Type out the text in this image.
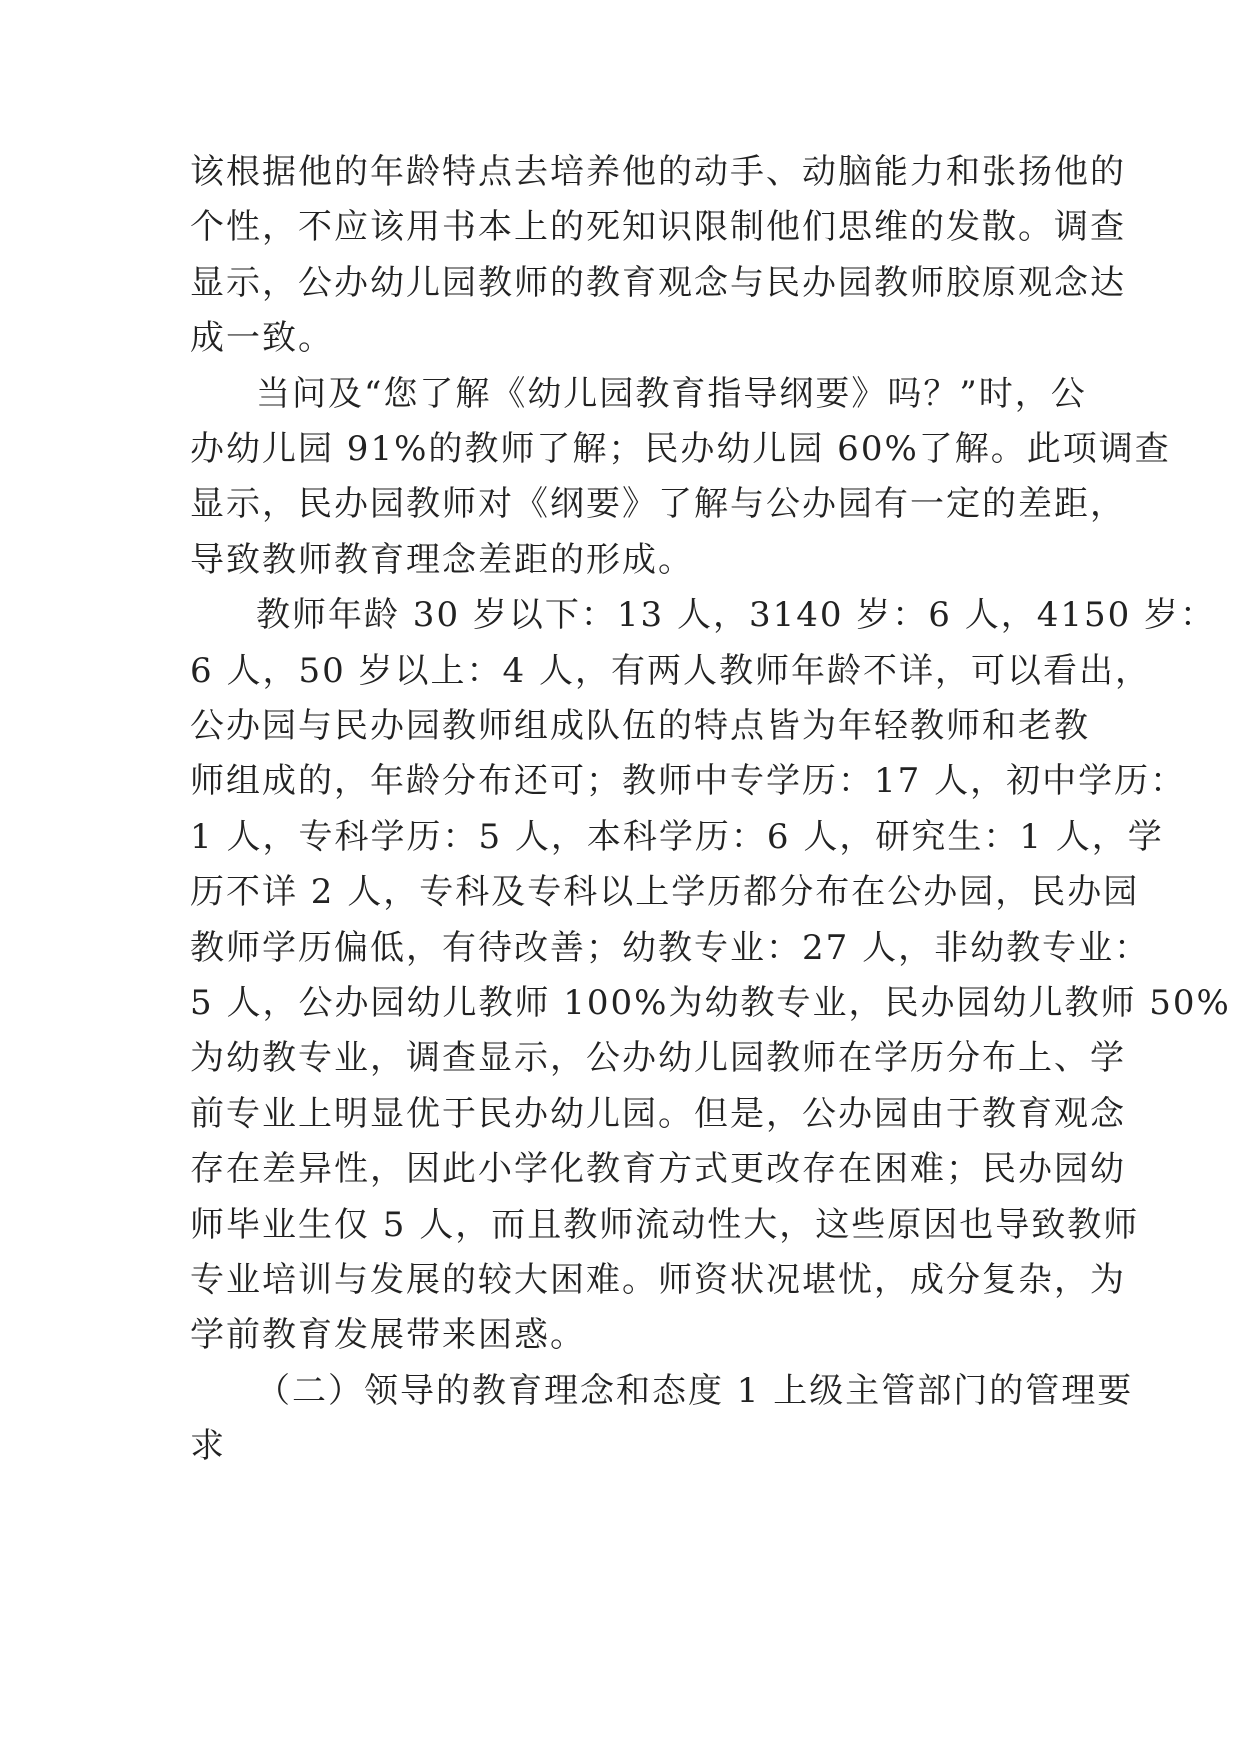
该根据他的年龄特点去培养他的动手、动脑能力和张扬他的
个性，不应该用书本上的死知识限制他们思维的发散。调查
显示，公办幼儿园教师的教育观念与民办园教师胶原观念达
成一致。
当问及“您了解《幼儿园教育指导纲要》吗？”时，公
办幼儿园 91%的教师了解；民办幼儿园 60%了解。此项调查
显示，民办园教师对《纲要》了解与公办园有一定的差距，
导致教师教育理念差距的形成。
教师年龄 30 岁以下：13 人，3140 岁：6 人，4150 岁：
6 人，50 岁以上：4 人，有两人教师年龄不详，可以看出，
公办园与民办园教师组成队伍的特点皆为年轻教师和老教
师组成的，年龄分布还可；教师中专学历：17 人，初中学历：
1 人，专科学历：5 人，本科学历：6 人，研究生：1 人，学
历不详 2 人，专科及专科以上学历都分布在公办园，民办园
教师学历偏低，有待改善；幼教专业：27 人，非幼教专业：
5 人，公办园幼儿教师 100%为幼教专业，民办园幼儿教师 50%
为幼教专业，调查显示，公办幼儿园教师在学历分布上、学
前专业上明显优于民办幼儿园。但是，公办园由于教育观念
存在差异性，因此小学化教育方式更改存在困难；民办园幼
师毕业生仅 5 人，而且教师流动性大，这些原因也导致教师
专业培训与发展的较大困难。师资状况堪忧，成分复杂，为
学前教育发展带来困惑。
（二）领导的教育理念和态度 1 上级主管部门的管理要
求
